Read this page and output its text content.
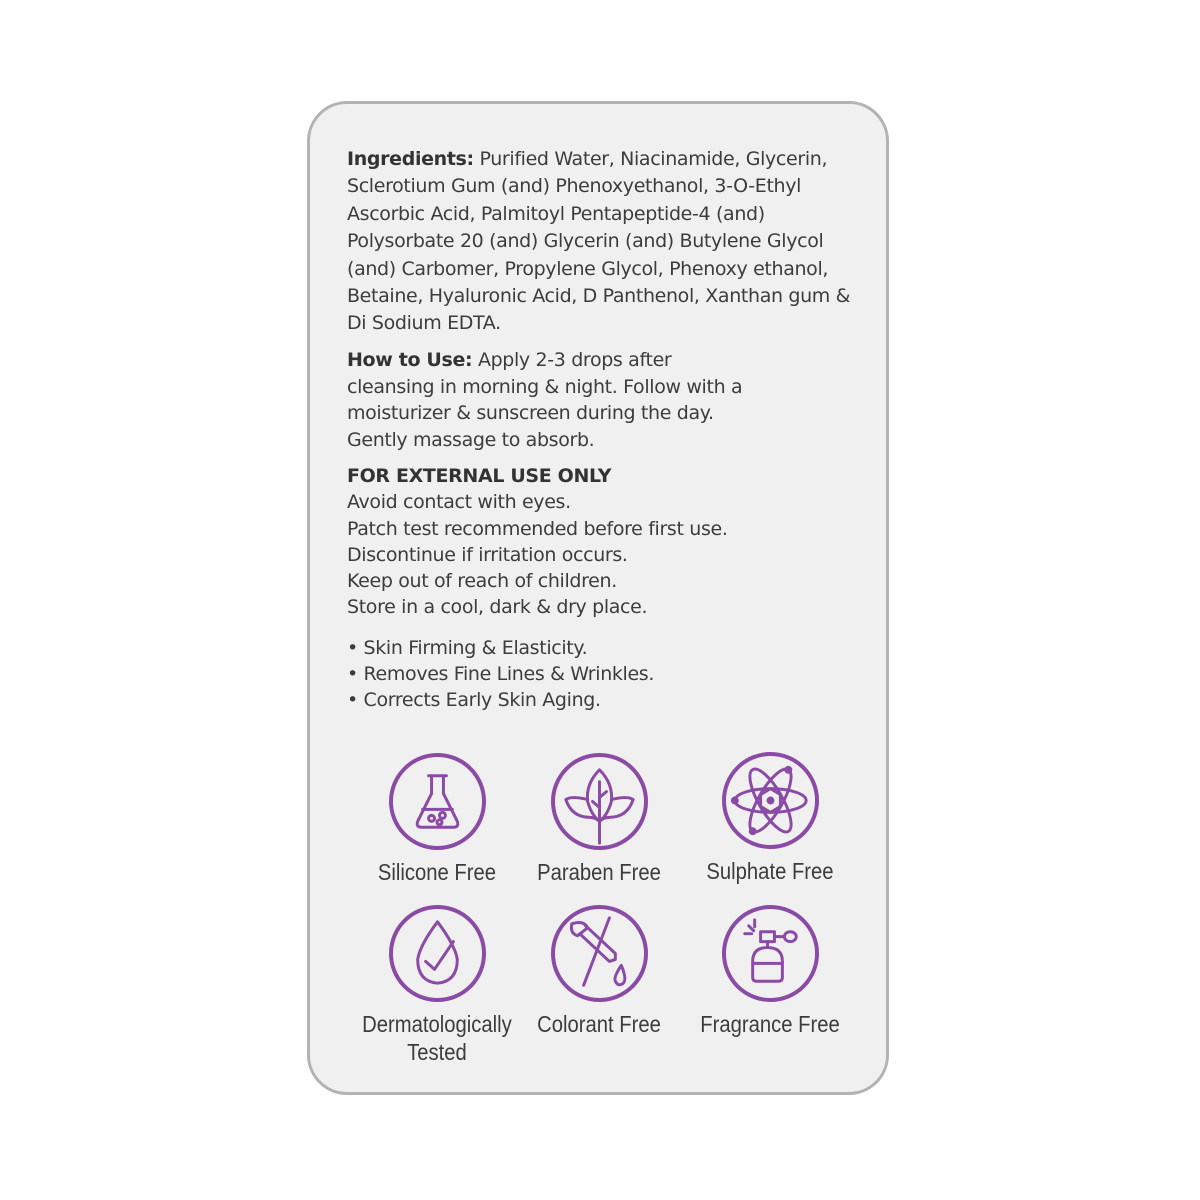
Ingredients: Purified Water, Niacinamide, Glycerin, Sclerotium Gum (and) Phenoxyethanol, 3-O-Ethyl Ascorbic Acid, Palmitoyl Pentapeptide-4 (and) Polysorbate 20 (and) Glycerin (and) Butylene Glycol (and) Carbomer, Propylene Glycol, Phenoxy ethanol, Betaine, Hyaluronic Acid, D Panthenol, Xanthan gum & Di Sodium EDTA.
How to Use: Apply 2-3 drops after cleansing in morning & night. Follow with a moisturizer & sunscreen during the day. Gently massage to absorb.
FOR EXTERNAL USE ONLY
Avoid contact with eyes.
Patch test recommended before first use.
Discontinue if irritation occurs.
Keep out of reach of children.
Store in a cool, dark & dry place.
• Skin Firming & Elasticity.
• Removes Fine Lines & Wrinkles.
• Corrects Early Skin Aging.
Silicone Free	Paraben Free	Sulphate Free
Dermatologically
Tested
Colorant Free	Fragrance Free
